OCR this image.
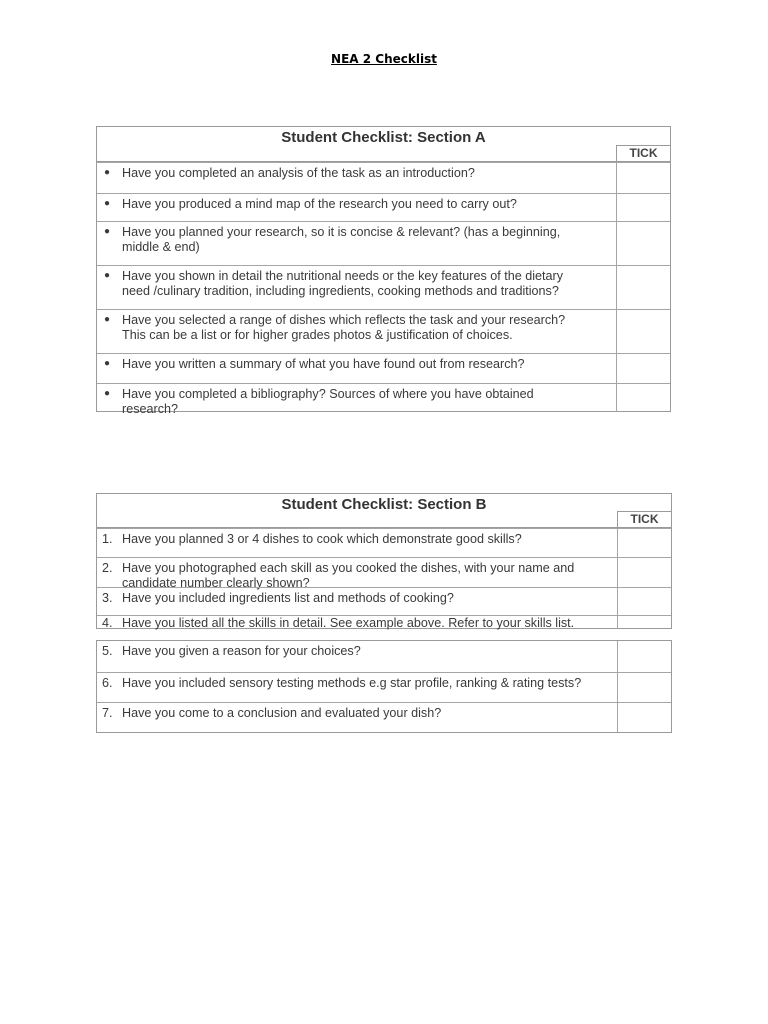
NEA 2 Checklist
Student Checklist: Section A
TICK
● Have you completed an analysis of the task as an introduction?
● Have you produced a mind map of the research you need to carry out?
● Have you planned your research, so it is concise & relevant? (has a beginning,
middle & end)
● Have you shown in detail the nutritional needs or the key features of the dietary
need /culinary tradition, including ingredients, cooking methods and traditions?
● Have you selected a range of dishes which reflects the task and your research?
This can be a list or for higher grades photos & justification of choices.
● Have you written a summary of what you have found out from research?
● Have you completed a bibliography? Sources of where you have obtained
research?
Student Checklist: Section B
TICK
1. Have you planned 3 or 4 dishes to cook which demonstrate good skills?
2. Have you photographed each skill as you cooked the dishes, with your name and
candidate number clearly shown?
3. Have you included ingredients list and methods of cooking?
4. Have you listed all the skills in detail. See example above. Refer to your skills list.
5. Have you given a reason for your choices?
6. Have you included sensory testing methods e.g star profile, ranking & rating tests?
7. Have you come to a conclusion and evaluated your dish?
